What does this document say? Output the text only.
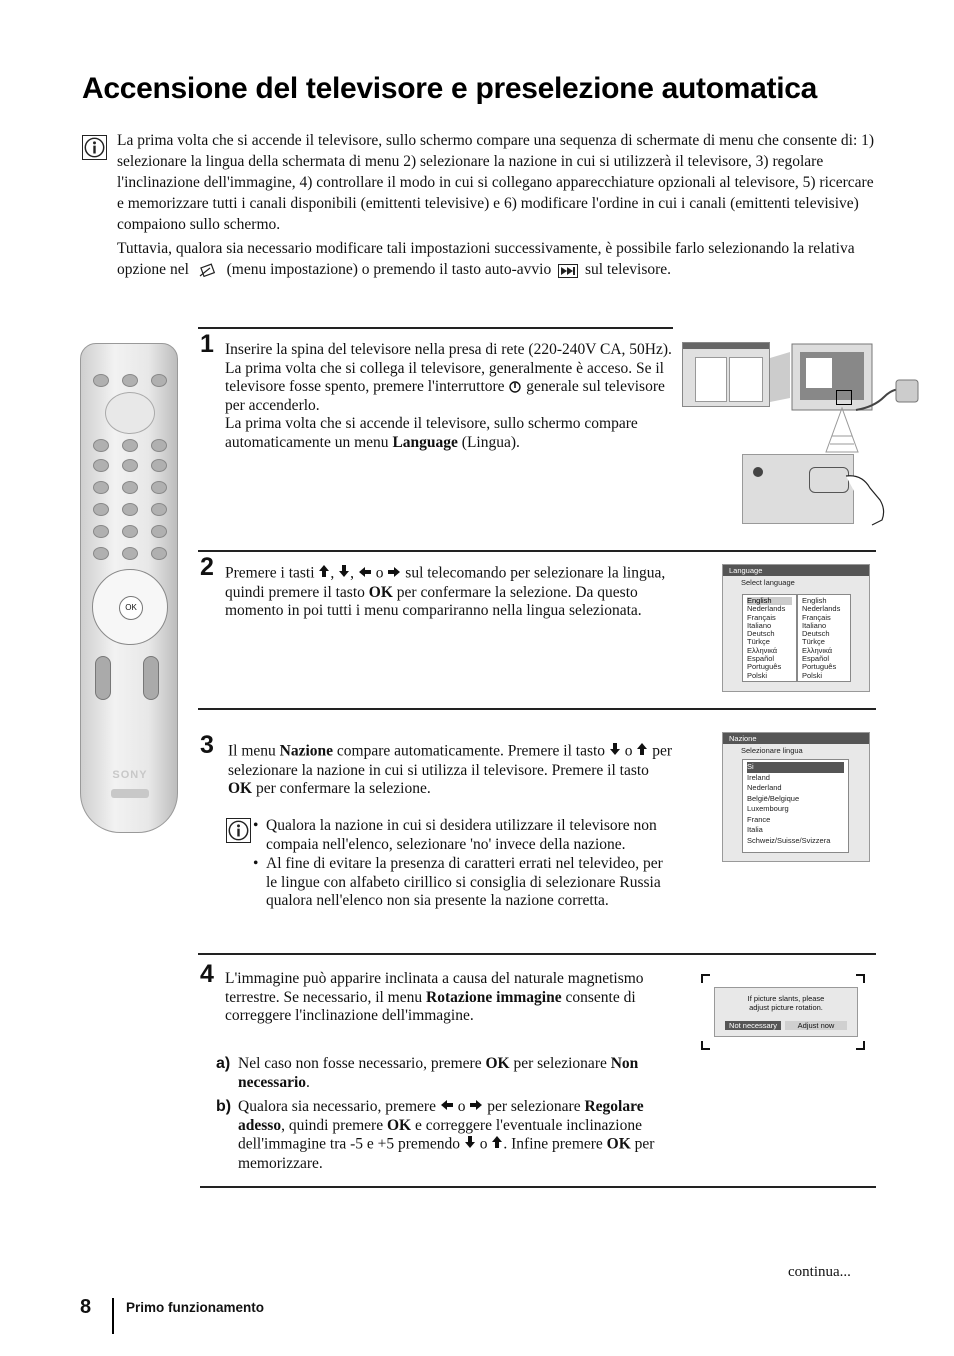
Accensione del televisore e preselezione automatica

La prima volta che si accende il televisore, sullo schermo compare una sequenza di schermate di menu che consente di: 1) selezionare la lingua della schermata di menu 2) selezionare la nazione in cui si utilizzerà il televisore, 3) regolare l'inclinazione dell'immagine, 4) controllare il modo in cui si collegano apparecchiature opzionali al televisore, 5) ricercare e memorizzare tutti i canali disponibili (emittenti televisive) e 6) modificare l'ordine in cui i canali (emittenti televisive) compaiono sullo schermo.

Tuttavia, qualora sia necessario modificare tali impostazioni successivamente, è possibile farlo selezionando la relativa opzione nel (menu impostazione) o premendo il tasto auto-avvio sul televisore.

OK
SONY
1 Inserire la spina del televisore nella presa di rete (220-240V CA, 50Hz).
La prima volta che si collega il televisore, generalmente è acceso. Se il televisore fosse spento, premere l'interruttore generale sul televisore per accenderlo.
La prima volta che si accende il televisore, sullo schermo compare automaticamente un menu Language (Lingua).
2 Premere i tasti , , o sul telecomando per selezionare la lingua, quindi premere il tasto OK per confermare la selezione. Da questo momento in poi tutti i menu compariranno nella lingua selezionata.
Language
Select language
English
Nederlands
Français
Italiano
Deutsch
Türkçe
Ελληνικά
Español
Português
Polski
English
Nederlands
Français
Italiano
Deutsch
Türkçe
Ελληνικά
Español
Português
Polski
3 Il menu Nazione compare automaticamente. Premere il tasto o per selezionare la nazione in cui si utilizza il televisore. Premere il tasto OK per confermare la selezione.
• Qualora la nazione in cui si desidera utilizzare il televisore non compaia nell'elenco, selezionare 'no' invece della nazione.
• Al fine di evitare la presenza di caratteri errati nel televideo, per le lingue con alfabeto cirillico si consiglia di selezionare Russia qualora nell'elenco non sia presente la nazione corretta.
Nazione
Selezionare lingua
Si
Ireland
Nederland
België/Belgique
Luxembourg
France
Italia
Schweiz/Suisse/Svizzera
4 L'immagine può apparire inclinata a causa del naturale magnetismo terrestre. Se necessario, il menu Rotazione immagine consente di correggere l'inclinazione dell'immagine.
a) Nel caso non fosse necessario, premere OK per selezionare Non necessario.
b) Qualora sia necessario, premere o per selezionare Regolare adesso, quindi premere OK e correggere l'eventuale inclinazione dell'immagine tra -5 e +5 premendo o . Infine premere OK per memorizzare.
If picture slants, please
adjust picture rotation.
Not necessary	Adjust now
continua...
8	Primo funzionamento
